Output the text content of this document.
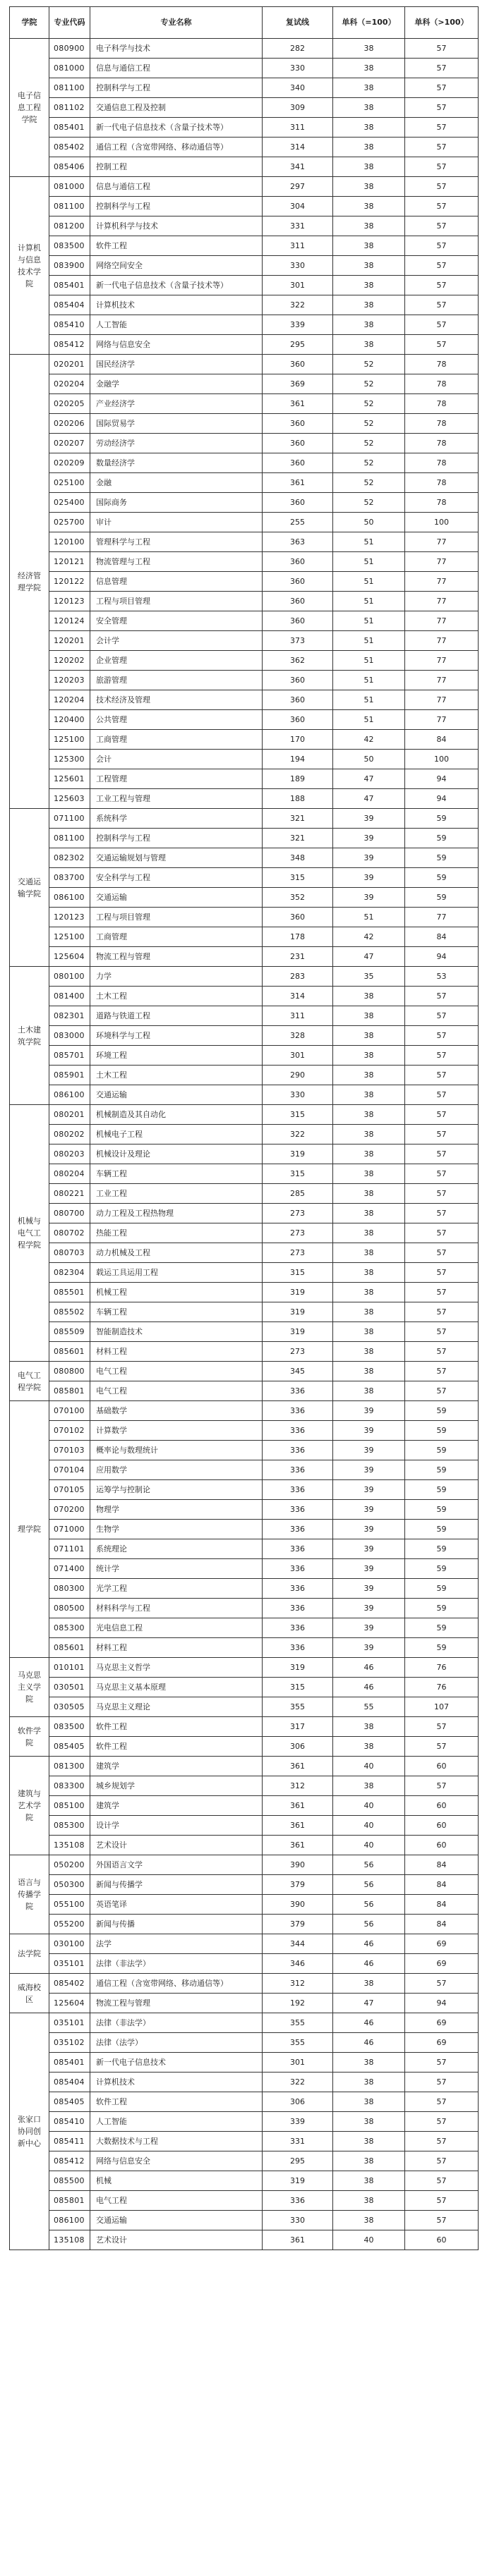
学院	专业代码	专业名称	复试线	单科（=100）	单科（>100）
电子信息工程学院	080900	电子科学与技术	282	38	57
	081000	信息与通信工程	330	38	57
	081100	控制科学与工程	340	38	57
	081102	交通信息工程及控制	309	38	57
	085401	新一代电子信息技术（含量子技术等）	311	38	57
	085402	通信工程（含宽带网络、移动通信等）	314	38	57
	085406	控制工程	341	38	57
计算机与信息技术学院	081000	信息与通信工程	297	38	57
	081100	控制科学与工程	304	38	57
	081200	计算机科学与技术	331	38	57
	083500	软件工程	311	38	57
	083900	网络空间安全	330	38	57
	085401	新一代电子信息技术（含量子技术等）	301	38	57
	085404	计算机技术	322	38	57
	085410	人工智能	339	38	57
	085412	网络与信息安全	295	38	57
经济管理学院	020201	国民经济学	360	52	78
	020204	金融学	369	52	78
	020205	产业经济学	361	52	78
	020206	国际贸易学	360	52	78
	020207	劳动经济学	360	52	78
	020209	数量经济学	360	52	78
	025100	金融	361	52	78
	025400	国际商务	360	52	78
	025700	审计	255	50	100
	120100	管理科学与工程	363	51	77
	120121	物流管理与工程	360	51	77
	120122	信息管理	360	51	77
	120123	工程与项目管理	360	51	77
	120124	安全管理	360	51	77
	120201	会计学	373	51	77
	120202	企业管理	362	51	77
	120203	旅游管理	360	51	77
	120204	技术经济及管理	360	51	77
	120400	公共管理	360	51	77
	125100	工商管理	170	42	84
	125300	会计	194	50	100
	125601	工程管理	189	47	94
	125603	工业工程与管理	188	47	94
交通运输学院	071100	系统科学	321	39	59
	081100	控制科学与工程	321	39	59
	082302	交通运输规划与管理	348	39	59
	083700	安全科学与工程	315	39	59
	086100	交通运输	352	39	59
	120123	工程与项目管理	360	51	77
	125100	工商管理	178	42	84
	125604	物流工程与管理	231	47	94
土木建筑学院	080100	力学	283	35	53
	081400	土木工程	314	38	57
	082301	道路与铁道工程	311	38	57
	083000	环境科学与工程	328	38	57
	085701	环境工程	301	38	57
	085901	土木工程	290	38	57
	086100	交通运输	330	38	57
机械与电气工程学院	080201	机械制造及其自动化	315	38	57
	080202	机械电子工程	322	38	57
	080203	机械设计及理论	319	38	57
	080204	车辆工程	315	38	57
	080221	工业工程	285	38	57
	080700	动力工程及工程热物理	273	38	57
	080702	热能工程	273	38	57
	080703	动力机械及工程	273	38	57
	082304	载运工具运用工程	315	38	57
	085501	机械工程	319	38	57
	085502	车辆工程	319	38	57
	085509	智能制造技术	319	38	57
	085601	材料工程	273	38	57
电气工程学院	080800	电气工程	345	38	57
	085801	电气工程	336	38	57
理学院	070100	基础数学	336	39	59
	070102	计算数学	336	39	59
	070103	概率论与数理统计	336	39	59
	070104	应用数学	336	39	59
	070105	运筹学与控制论	336	39	59
	070200	物理学	336	39	59
	071000	生物学	336	39	59
	071101	系统理论	336	39	59
	071400	统计学	336	39	59
	080300	光学工程	336	39	59
	080500	材料科学与工程	336	39	59
	085300	光电信息工程	336	39	59
	085601	材料工程	336	39	59
马克思主义学院	010101	马克思主义哲学	319	46	76
	030501	马克思主义基本原理	315	46	76
	030505	马克思主义理论	355	55	107
软件学院	083500	软件工程	317	38	57
	085405	软件工程	306	38	57
建筑与艺术学院	081300	建筑学	361	40	60
	083300	城乡规划学	312	38	57
	085100	建筑学	361	40	60
	085300	设计学	361	40	60
	135108	艺术设计	361	40	60
语言与传播学院	050200	外国语言文学	390	56	84
	050300	新闻与传播学	379	56	84
	055100	英语笔译	390	56	84
	055200	新闻与传播	379	56	84
法学院	030100	法学	344	46	69
	035101	法律（非法学）	346	46	69
威海校区	085402	通信工程（含宽带网络、移动通信等）	312	38	57
	125604	物流工程与管理	192	47	94
张家口协同创新中心	035101	法律（非法学）	355	46	69
	035102	法律（法学）	355	46	69
	085401	新一代电子信息技术	301	38	57
	085404	计算机技术	322	38	57
	085405	软件工程	306	38	57
	085410	人工智能	339	38	57
	085411	大数据技术与工程	331	38	57
	085412	网络与信息安全	295	38	57
	085500	机械	319	38	57
	085801	电气工程	336	38	57
	086100	交通运输	330	38	57
	135108	艺术设计	361	40	60
